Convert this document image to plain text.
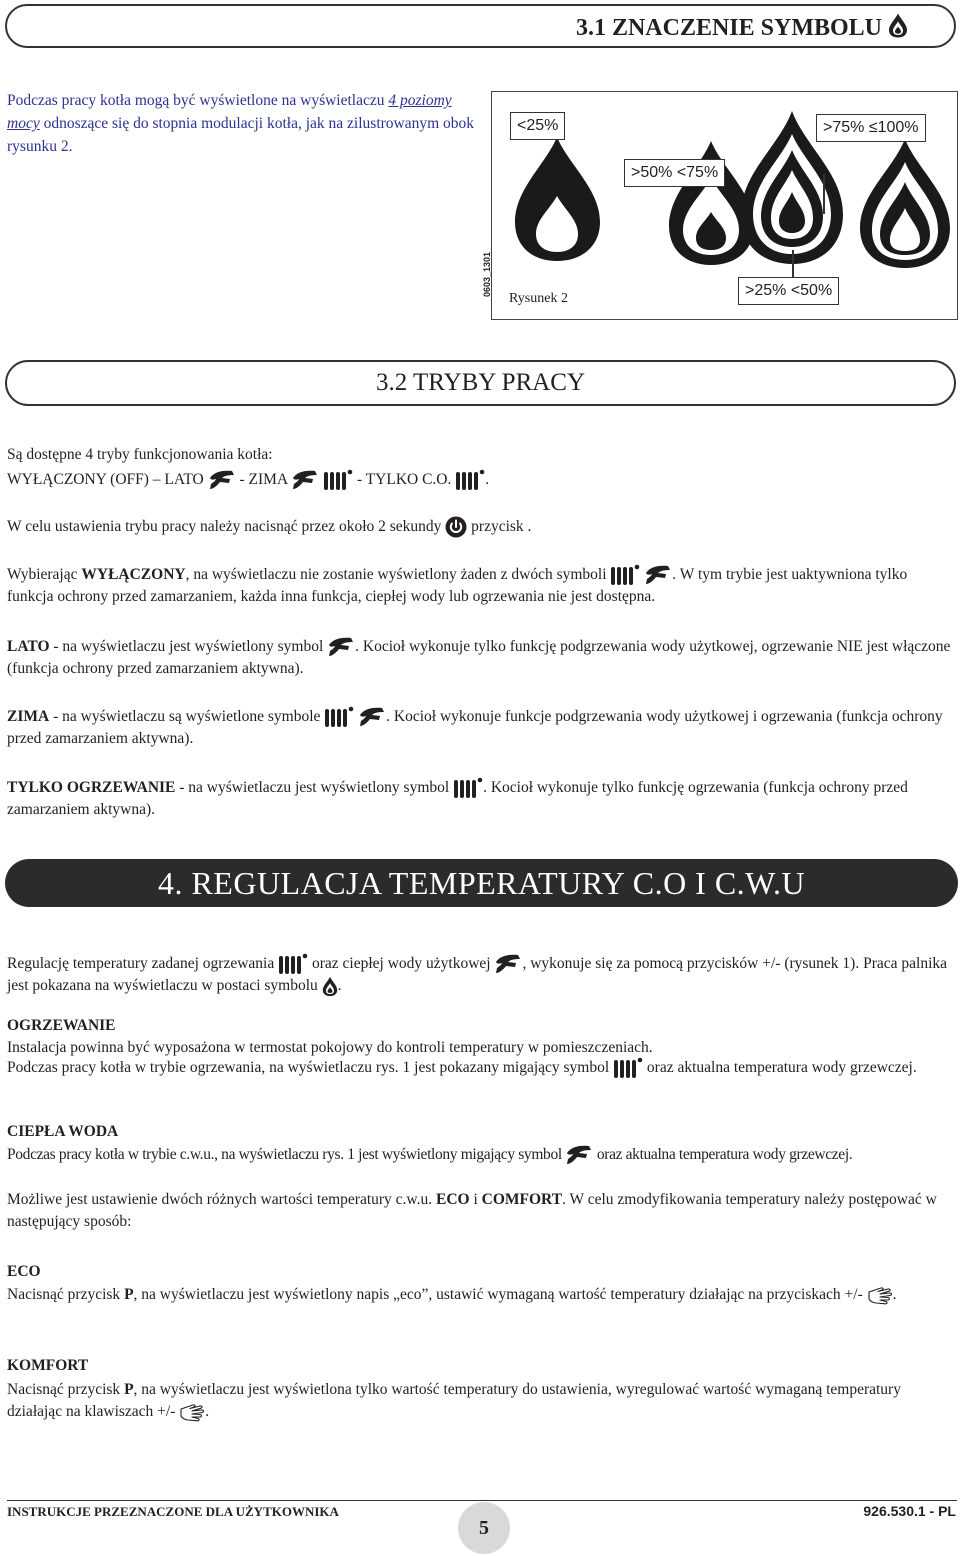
3.1 ZNACZENIE SYMBOLU

Podczas pracy kotła mogą być wyświetlone na wyświetlaczu 4 poziomy mocy odnoszące się do stopnia modulacji kotła, jak na zilustrowanym obok rysunku 2.

0603_1301
Rysunek 2
<25%
>50% <75%
>75% ≤100%
>25% <50%
3.2 TRYBY PRACY

Są dostępne 4 tryby funkcjonowania kotła:

WYŁĄCZONY (OFF) – LATO  - ZIMA	- TYLKO C.O. .

W celu ustawienia trybu pracy należy nacisnąć przez około 2 sekundy  przycisk .

Wybierając WYŁĄCZONY, na wyświetlaczu nie zostanie wyświetlony żaden z dwóch symboli	. W tym trybie jest uaktywniona tylko funkcja ochrony przed zamarzaniem, każda inna funkcja, ciepłej wody lub ogrzewania nie jest dostępna.

LATO - na wyświetlaczu jest wyświetlony symbol . Kocioł wykonuje tylko funkcję podgrzewania wody użytkowej, ogrzewanie NIE jest włączone (funkcja ochrony przed zamarzaniem aktywna).

ZIMA - na wyświetlaczu są wyświetlone symbole	. Kocioł wykonuje funkcje podgrzewania wody użytkowej i ogrzewania (funkcja ochrony przed zamarzaniem aktywna).

TYLKO OGRZEWANIE - na wyświetlaczu jest wyświetlony symbol . Kocioł wykonuje tylko funkcję ogrzewania (funkcja ochrony przed zamarzaniem aktywna).

4. REGULACJA TEMPERATURY C.O I C.W.U

Regulację temperatury zadanej ogrzewania  oraz ciepłej wody użytkowej , wykonuje się za pomocą przycisków +/- (rysunek 1). Praca palnika jest pokazana na wyświetlaczu w postaci symbolu .

OGRZEWANIE

Instalacja powinna być wyposażona w termostat pokojowy do kontroli temperatury w pomieszczeniach.

Podczas pracy kotła w trybie ogrzewania, na wyświetlaczu rys. 1 jest pokazany migający symbol  oraz aktualna temperatura wody grzewczej.

CIEPŁA WODA

Podczas pracy kotła w trybie c.w.u., na wyświetlaczu rys. 1 jest wyświetlony migający symbol  oraz aktualna temperatura wody grzewczej.

Możliwe jest ustawienie dwóch różnych wartości temperatury c.w.u. ECO i COMFORT. W celu zmodyfikowania temperatury należy postępować w następujący sposób:

ECO

Nacisnąć przycisk P, na wyświetlaczu jest wyświetlony napis „eco”, ustawić wymaganą wartość temperatury działając na przyciskach +/- .

KOMFORT

Nacisnąć przycisk P, na wyświetlaczu jest wyświetlona tylko wartość temperatury do ustawienia, wyregulować wartość wymaganą temperatury działając na klawiszach +/- .

INSTRUKCJE PRZEZNACZONE DLA UŻYTKOWNIKA
5
926.530.1 - PL
